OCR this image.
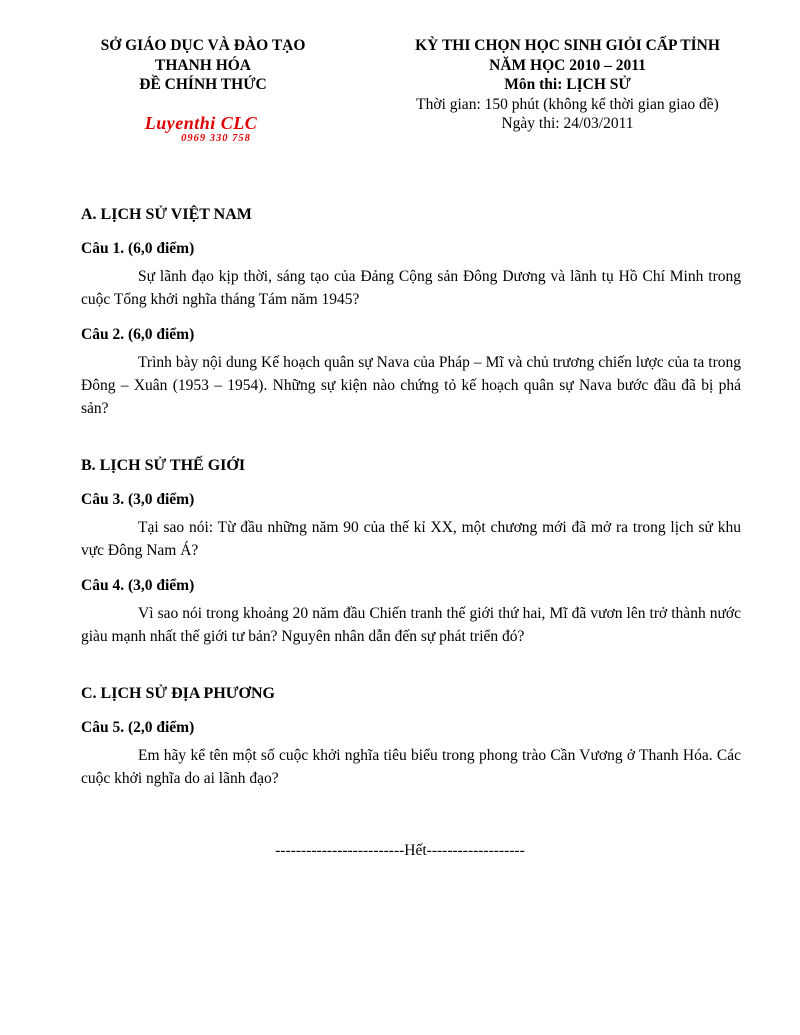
SỞ GIÁO DỤC VÀ ĐÀO TẠO
THANH HÓA
ĐỀ CHÍNH THỨC
Luyenthi CLC
0969 330 758
KỲ THI CHỌN HỌC SINH GIỎI CẤP TỈNH
NĂM HỌC 2010 – 2011
Môn thi: LỊCH SỬ
Thời gian: 150 phút (không kể thời gian giao đề)
Ngày thi: 24/03/2011

A. LỊCH SỬ VIỆT NAM

Câu 1. (6,0 điểm)

Sự lãnh đạo kịp thời, sáng tạo của Đảng Cộng sản Đông Dương và lãnh tụ Hồ Chí Minh trong cuộc Tổng khởi nghĩa tháng Tám năm 1945?

Câu 2. (6,0 điểm)

Trình bày nội dung Kế hoạch quân sự Nava của Pháp – Mĩ và chủ trương chiến lược của ta trong Đông – Xuân (1953 – 1954). Những sự kiện nào chứng tỏ kế hoạch quân sự Nava bước đầu đã bị phá sản?

B. LỊCH SỬ THẾ GIỚI

Câu 3. (3,0 điểm)

Tại sao nói: Từ đầu những năm 90 của thế kỉ XX, một chương mới đã mở ra trong lịch sử khu vực Đông Nam Á?

Câu 4. (3,0 điểm)

Vì sao nói trong khoảng 20 năm đầu Chiến tranh thế giới thứ hai, Mĩ đã vươn lên trở thành nước giàu mạnh nhất thế giới tư bản? Nguyên nhân dẫn đến sự phát triển đó?

C. LỊCH SỬ ĐỊA PHƯƠNG

Câu 5. (2,0 điểm)

Em hãy kể tên một số cuộc khởi nghĩa tiêu biểu trong phong trào Cần Vương ở Thanh Hóa. Các cuộc khởi nghĩa do ai lãnh đạo?

-------------------------Hết-------------------
